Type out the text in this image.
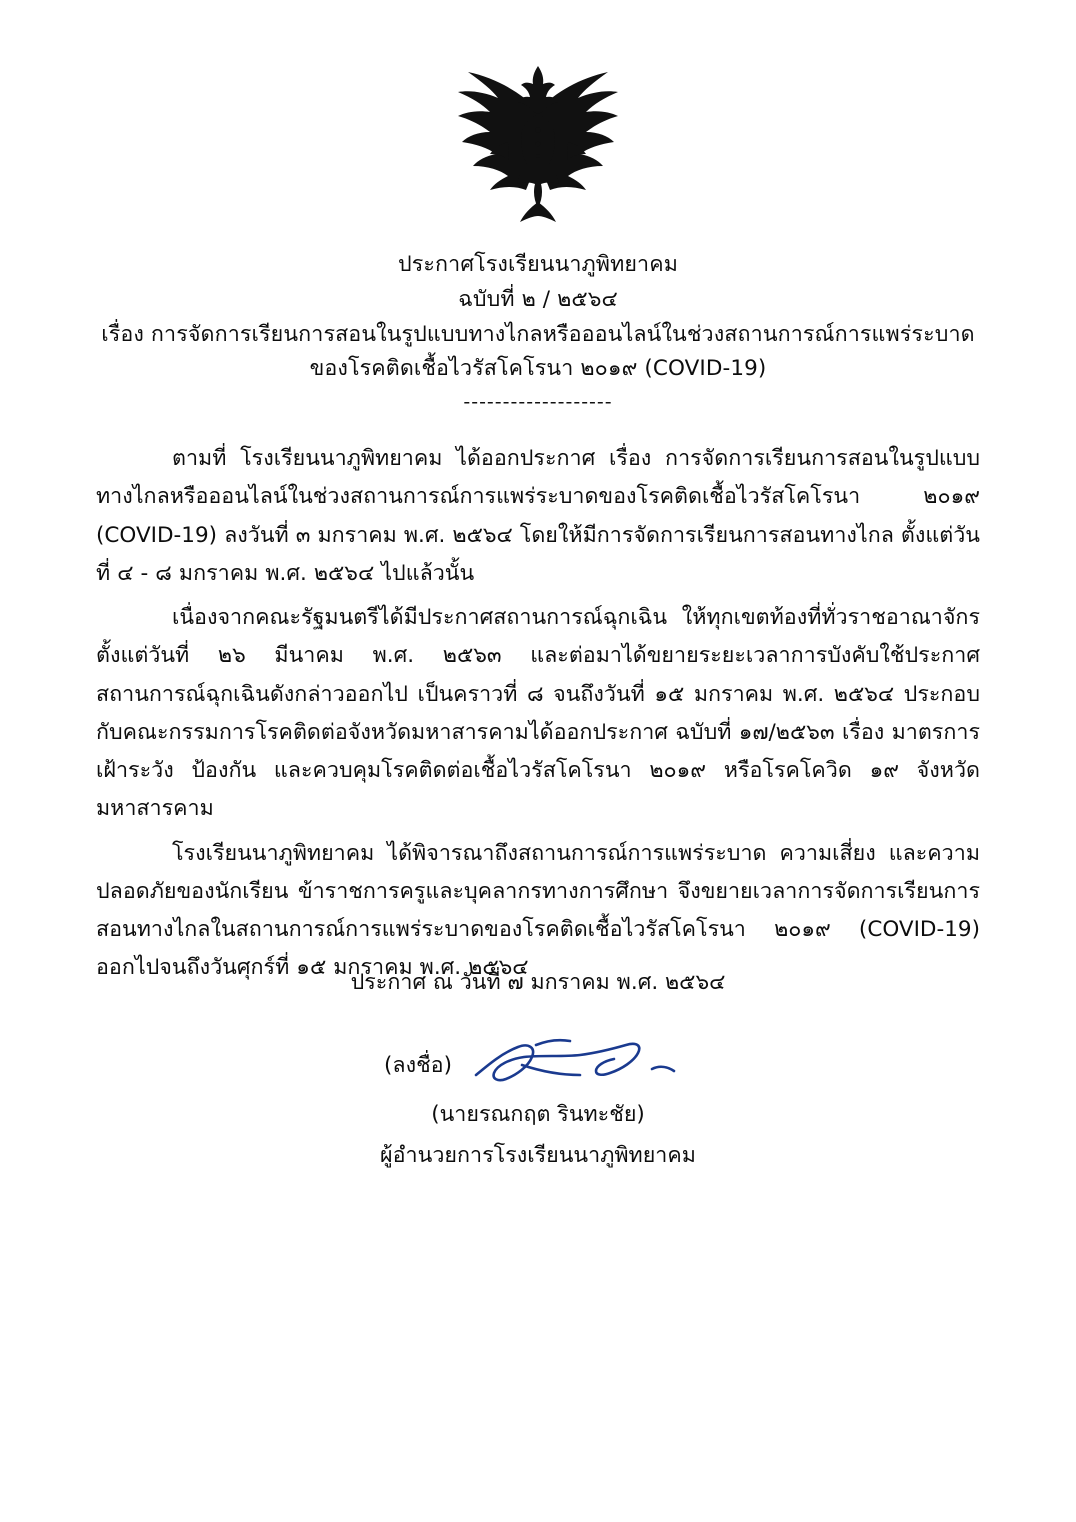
ประกาศโรงเรียนนาภูพิทยาคม
ฉบับที่ ๒ / ๒๕๖๔
เรื่อง การจัดการเรียนการสอนในรูปแบบทางไกลหรือออนไลน์ในช่วงสถานการณ์การแพร่ระบาด
ของโรคติดเชื้อไวรัสโคโรนา ๒๐๑๙ (COVID-19)
-------------------

ตามที่ โรงเรียนนาภูพิทยาคม ได้ออกประกาศ เรื่อง การจัดการเรียนการสอนในรูปแบบทางไกลหรือออนไลน์ในช่วงสถานการณ์การแพร่ระบาดของโรคติดเชื้อไวรัสโคโรนา ๒๐๑๙ (COVID-19) ลงวันที่ ๓ มกราคม พ.ศ. ๒๕๖๔ โดยให้มีการจัดการเรียนการสอนทางไกล ตั้งแต่วันที่ ๔ - ๘ มกราคม พ.ศ. ๒๕๖๔ ไปแล้วนั้น

เนื่องจากคณะรัฐมนตรีได้มีประกาศสถานการณ์ฉุกเฉิน ให้ทุกเขตท้องที่ทั่วราชอาณาจักร ตั้งแต่วันที่ ๒๖ มีนาคม พ.ศ. ๒๕๖๓ และต่อมาได้ขยายระยะเวลาการบังคับใช้ประกาศสถานการณ์ฉุกเฉินดังกล่าวออกไป เป็นคราวที่ ๘ จนถึงวันที่ ๑๕ มกราคม พ.ศ. ๒๕๖๔ ประกอบกับคณะกรรมการโรคติดต่อจังหวัดมหาสารคามได้ออกประกาศ ฉบับที่ ๑๗/๒๕๖๓ เรื่อง มาตรการเฝ้าระวัง ป้องกัน และควบคุมโรคติดต่อเชื้อไวรัสโคโรนา ๒๐๑๙ หรือโรคโควิด ๑๙ จังหวัดมหาสารคาม

โรงเรียนนาภูพิทยาคม ได้พิจารณาถึงสถานการณ์การแพร่ระบาด ความเสี่ยง และความปลอดภัยของนักเรียน ข้าราชการครูและบุคลากรทางการศึกษา จึงขยายเวลาการจัดการเรียนการสอนทางไกลในสถานการณ์การแพร่ระบาดของโรคติดเชื้อไวรัสโคโรนา ๒๐๑๙ (COVID-19) ออกไปจนถึงวันศุกร์ที่ ๑๕ มกราคม พ.ศ. ๒๕๖๔

ประกาศ ณ วันที่ ๗ มกราคม พ.ศ. ๒๕๖๔
(ลงชื่อ)
(นายรณกฤต รินทะชัย)
ผู้อำนวยการโรงเรียนนาภูพิทยาคม
